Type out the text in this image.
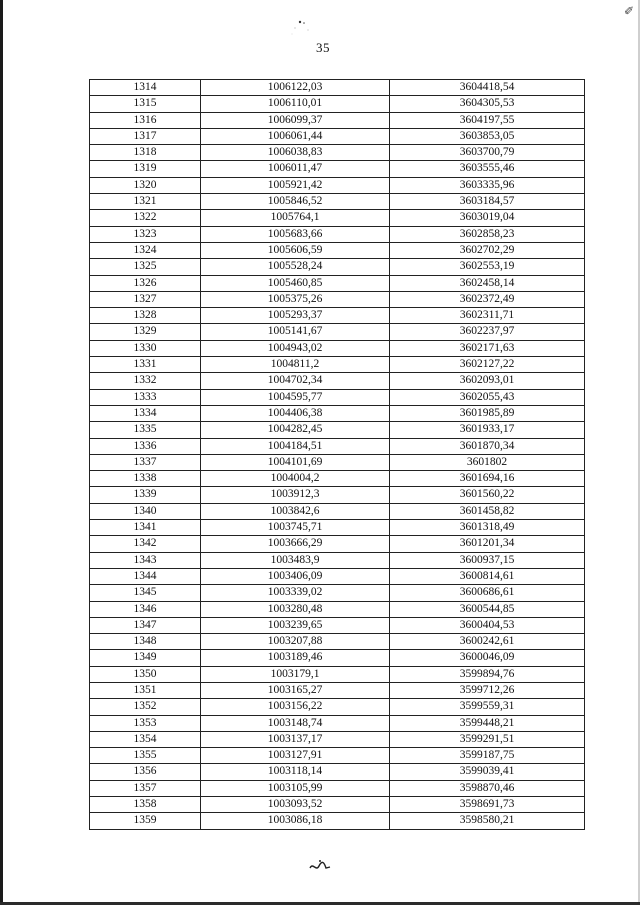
✐
35
1314	1006122,03	3604418,54
1315	1006110,01	3604305,53
1316	1006099,37	3604197,55
1317	1006061,44	3603853,05
1318	1006038,83	3603700,79
1319	1006011,47	3603555,46
1320	1005921,42	3603335,96
1321	1005846,52	3603184,57
1322	1005764,1	3603019,04
1323	1005683,66	3602858,23
1324	1005606,59	3602702,29
1325	1005528,24	3602553,19
1326	1005460,85	3602458,14
1327	1005375,26	3602372,49
1328	1005293,37	3602311,71
1329	1005141,67	3602237,97
1330	1004943,02	3602171,63
1331	1004811,2	3602127,22
1332	1004702,34	3602093,01
1333	1004595,77	3602055,43
1334	1004406,38	3601985,89
1335	1004282,45	3601933,17
1336	1004184,51	3601870,34
1337	1004101,69	3601802
1338	1004004,2	3601694,16
1339	1003912,3	3601560,22
1340	1003842,6	3601458,82
1341	1003745,71	3601318,49
1342	1003666,29	3601201,34
1343	1003483,9	3600937,15
1344	1003406,09	3600814,61
1345	1003339,02	3600686,61
1346	1003280,48	3600544,85
1347	1003239,65	3600404,53
1348	1003207,88	3600242,61
1349	1003189,46	3600046,09
1350	1003179,1	3599894,76
1351	1003165,27	3599712,26
1352	1003156,22	3599559,31
1353	1003148,74	3599448,21
1354	1003137,17	3599291,51
1355	1003127,91	3599187,75
1356	1003118,14	3599039,41
1357	1003105,99	3598870,46
1358	1003093,52	3598691,73
1359	1003086,18	3598580,21
